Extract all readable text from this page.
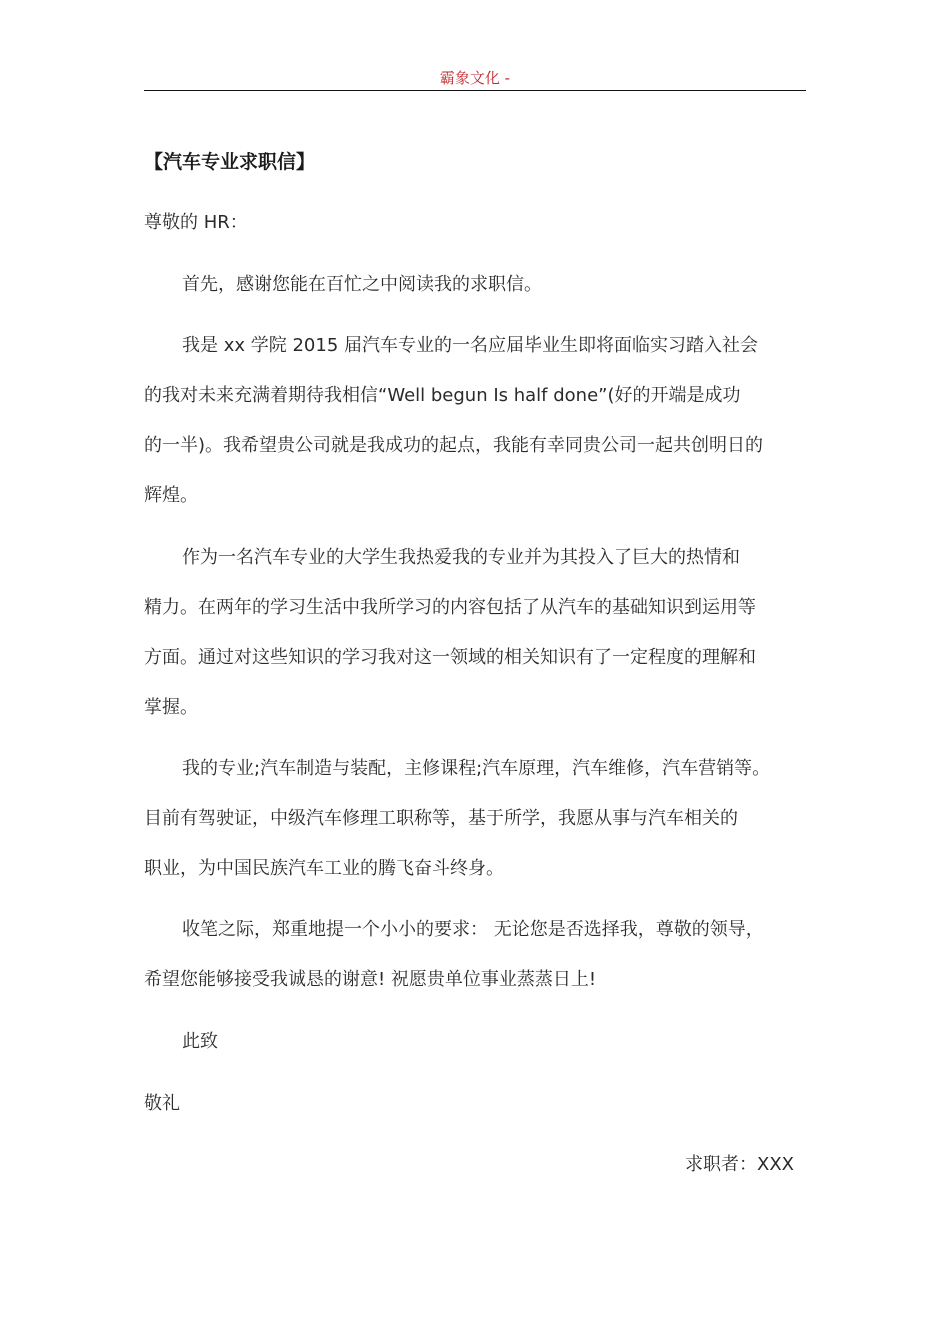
霸象文化 -
【汽车专业求职信】
尊敬的 HR：
首先，感谢您能在百忙之中阅读我的求职信。
我是 xx 学院 2015 届汽车专业的一名应届毕业生即将面临实习踏入社会
的我对未来充满着期待我相信“Well begun Is half done”(好的开端是成功
的一半)。我希望贵公司就是我成功的起点，我能有幸同贵公司一起共创明日的
辉煌。
作为一名汽车专业的大学生我热爱我的专业并为其投入了巨大的热情和
精力。在两年的学习生活中我所学习的内容包括了从汽车的基础知识到运用等
方面。通过对这些知识的学习我对这一领域的相关知识有了一定程度的理解和
掌握。
我的专业;汽车制造与装配，主修课程;汽车原理，汽车维修，汽车营销等。
目前有驾驶证，中级汽车修理工职称等，基于所学，我愿从事与汽车相关的
职业，为中国民族汽车工业的腾飞奋斗终身。
收笔之际，郑重地提一个小小的要求： 无论您是否选择我，尊敬的领导，
希望您能够接受我诚恳的谢意! 祝愿贵单位事业蒸蒸日上!
此致
敬礼
求职者：XXX
